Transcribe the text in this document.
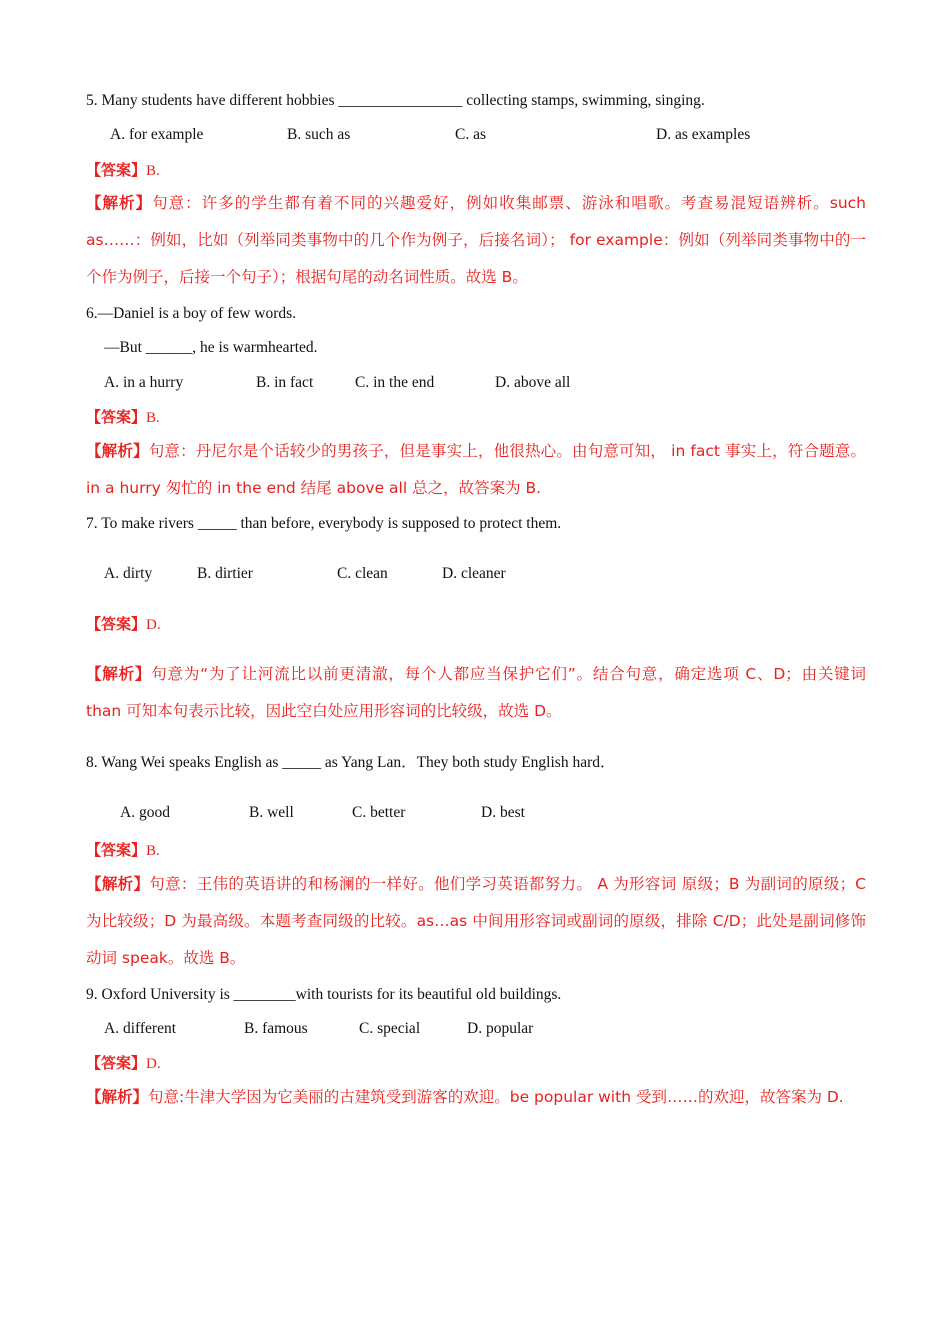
5. Many students have different hobbies ________________ collecting stamps, swimming, singing.
A. for example	B. such as	C. as	D. as examples
【答案】B.
【解析】句意：许多的学生都有着不同的兴趣爱好，例如收集邮票、游泳和唱歌。考查易混短语辨析。such as……：例如，比如（列举同类事物中的几个作为例子，后接名词）； for example：例如（列举同类事物中的一个作为例子，后接一个句子）；根据句尾的动名词性质。故选 B。
6.—Daniel is a boy of few words.
—But ______, he is warmhearted.
A. in a hurry	B. in fact	C. in the end	D. above all
【答案】B.
【解析】句意：丹尼尔是个话较少的男孩子，但是事实上，他很热心。由句意可知， in fact 事实上，符合题意。in a hurry 匆忙的 in the end 结尾 above all 总之，故答案为 B.
7. To make rivers _____ than before, everybody is supposed to protect them.
A. dirty	B. dirtier	C. clean	D. cleaner
【答案】D.
【解析】句意为“为了让河流比以前更清澈，每个人都应当保护它们”。结合句意，确定选项 C、D；由关键词 than 可知本句表示比较，因此空白处应用形容词的比较级，故选 D。
8. Wang Wei speaks English as _____ as Yang Lan．They both study English hard．
A. good	B. well	C. better	D. best
【答案】B.
【解析】句意：王伟的英语讲的和杨澜的一样好。他们学习英语都努力。 A 为形容词 原级；B 为副词的原级；C 为比较级；D 为最高级。本题考查同级的比较。as…as 中间用形容词或副词的原级，排除 C/D；此处是副词修饰动词 speak。故选 B。
9. Oxford University is ________with tourists for its beautiful old buildings.
A. different	B. famous	C. special	D. popular
【答案】D.
【解析】句意:牛津大学因为它美丽的古建筑受到游客的欢迎。be popular with 受到……的欢迎，故答案为 D.
